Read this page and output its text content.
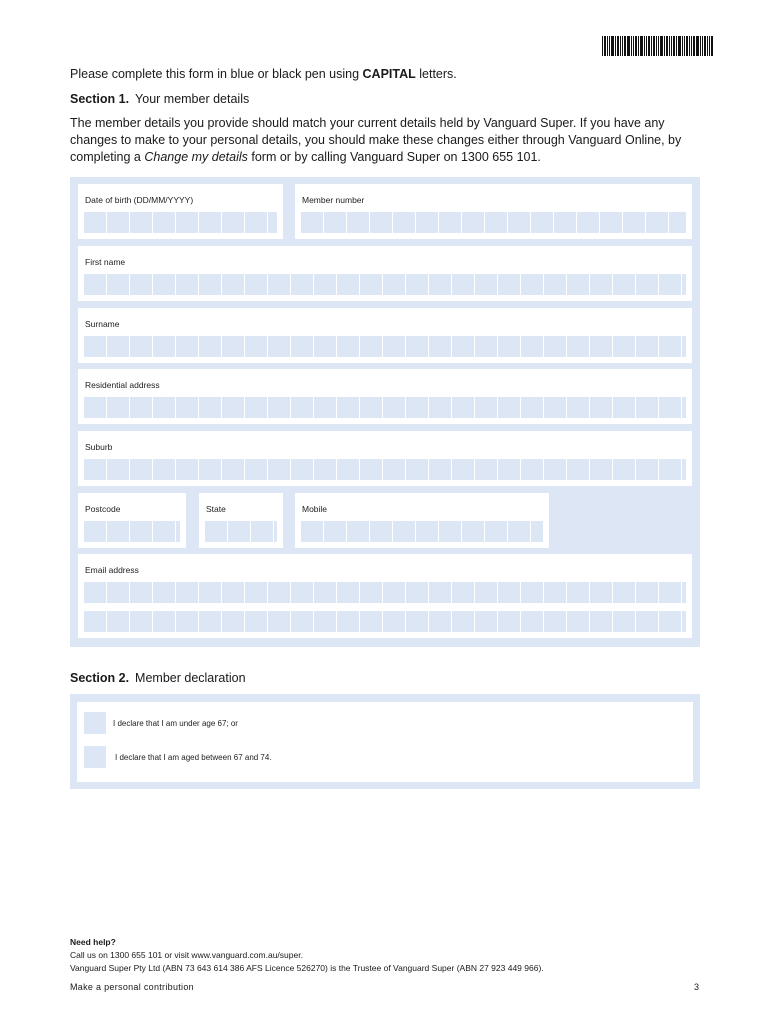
Please complete this form in blue or black pen using CAPITAL letters.
Section 1. Your member details
The member details you provide should match your current details held by Vanguard Super. If you have any changes to make to your personal details, you should make these changes either through Vanguard Online, by completing a Change my details form or by calling Vanguard Super on 1300 655 101.
Date of birth (DD/MM/YYYY)	Member number
First name
Surname
Residential address
Suburb
Postcode	State	Mobile
Email address
Section 2. Member declaration
I declare that I am under age 67; or
I declare that I am aged between 67 and 74.
Need help?
Call us on 1300 655 101 or visit www.vanguard.com.au/super.
Vanguard Super Pty Ltd (ABN 73 643 614 386 AFS Licence 526270) is the Trustee of Vanguard Super (ABN 27 923 449 966).
Make a personal contribution	3
